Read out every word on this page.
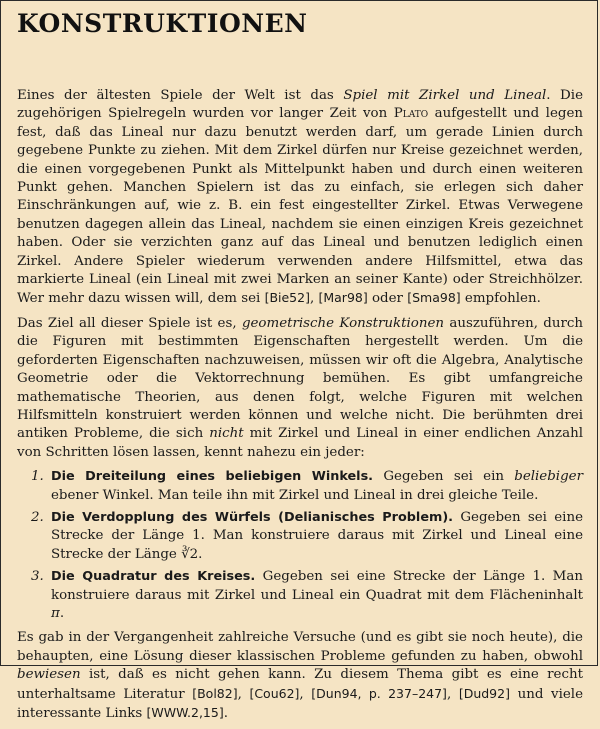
KONSTRUKTIONEN

Eines der ältesten Spiele der Welt ist das Spiel mit Zirkel und Lineal. Die zugehörigen Spielregeln wurden vor langer Zeit von Plato aufgestellt und legen fest, daß das Lineal nur dazu benutzt werden darf, um gerade Linien durch gegebene Punkte zu ziehen. Mit dem Zirkel dürfen nur Kreise gezeichnet werden, die einen vorgegebenen Punkt als Mittelpunkt haben und durch einen weiteren Punkt gehen. Manchen Spielern ist das zu einfach, sie erlegen sich daher Einschränkungen auf, wie z. B. ein fest eingestellter Zirkel. Etwas Verwegene benutzen dagegen allein das Lineal, nachdem sie einen einzigen Kreis gezeichnet haben. Oder sie verzichten ganz auf das Lineal und benutzen lediglich einen Zirkel. Andere Spieler wiederum verwenden andere Hilfsmittel, etwa das markierte Lineal (ein Lineal mit zwei Marken an seiner Kante) oder Streichhölzer. Wer mehr dazu wissen will, dem sei [Bie52], [Mar98] oder [Sma98] empfohlen.

Das Ziel all dieser Spiele ist es, geometrische Konstruktionen auszuführen, durch die Figuren mit bestimmten Eigenschaften hergestellt werden. Um die geforderten Eigenschaften nachzuweisen, müssen wir oft die Algebra, Analytische Geometrie oder die Vektorrechnung bemühen. Es gibt umfangreiche mathematische Theorien, aus denen folgt, welche Figuren mit welchen Hilfsmitteln konstruiert werden können und welche nicht. Die berühmten drei antiken Probleme, die sich nicht mit Zirkel und Lineal in einer endlichen Anzahl von Schritten lösen lassen, kennt nahezu ein jeder:

1. Die Dreiteilung eines beliebigen Winkels. Gegeben sei ein beliebiger ebener Winkel. Man teile ihn mit Zirkel und Lineal in drei gleiche Teile.
2. Die Verdopplung des Würfels (Delianisches Problem). Gegeben sei eine Strecke der Länge 1. Man konstruiere daraus mit Zirkel und Lineal eine Strecke der Länge ∛2.
3. Die Quadratur des Kreises. Gegeben sei eine Strecke der Länge 1. Man konstruiere daraus mit Zirkel und Lineal ein Quadrat mit dem Flächeninhalt π.

Es gab in der Vergangenheit zahlreiche Versuche (und es gibt sie noch heute), die behaupten, eine Lösung dieser klassischen Probleme gefunden zu haben, obwohl bewiesen ist, daß es nicht gehen kann. Zu diesem Thema gibt es eine recht unterhaltsame Literatur [Bol82], [Cou62], [Dun94, p. 237–247], [Dud92] und viele interessante Links [WWW.2,15].
